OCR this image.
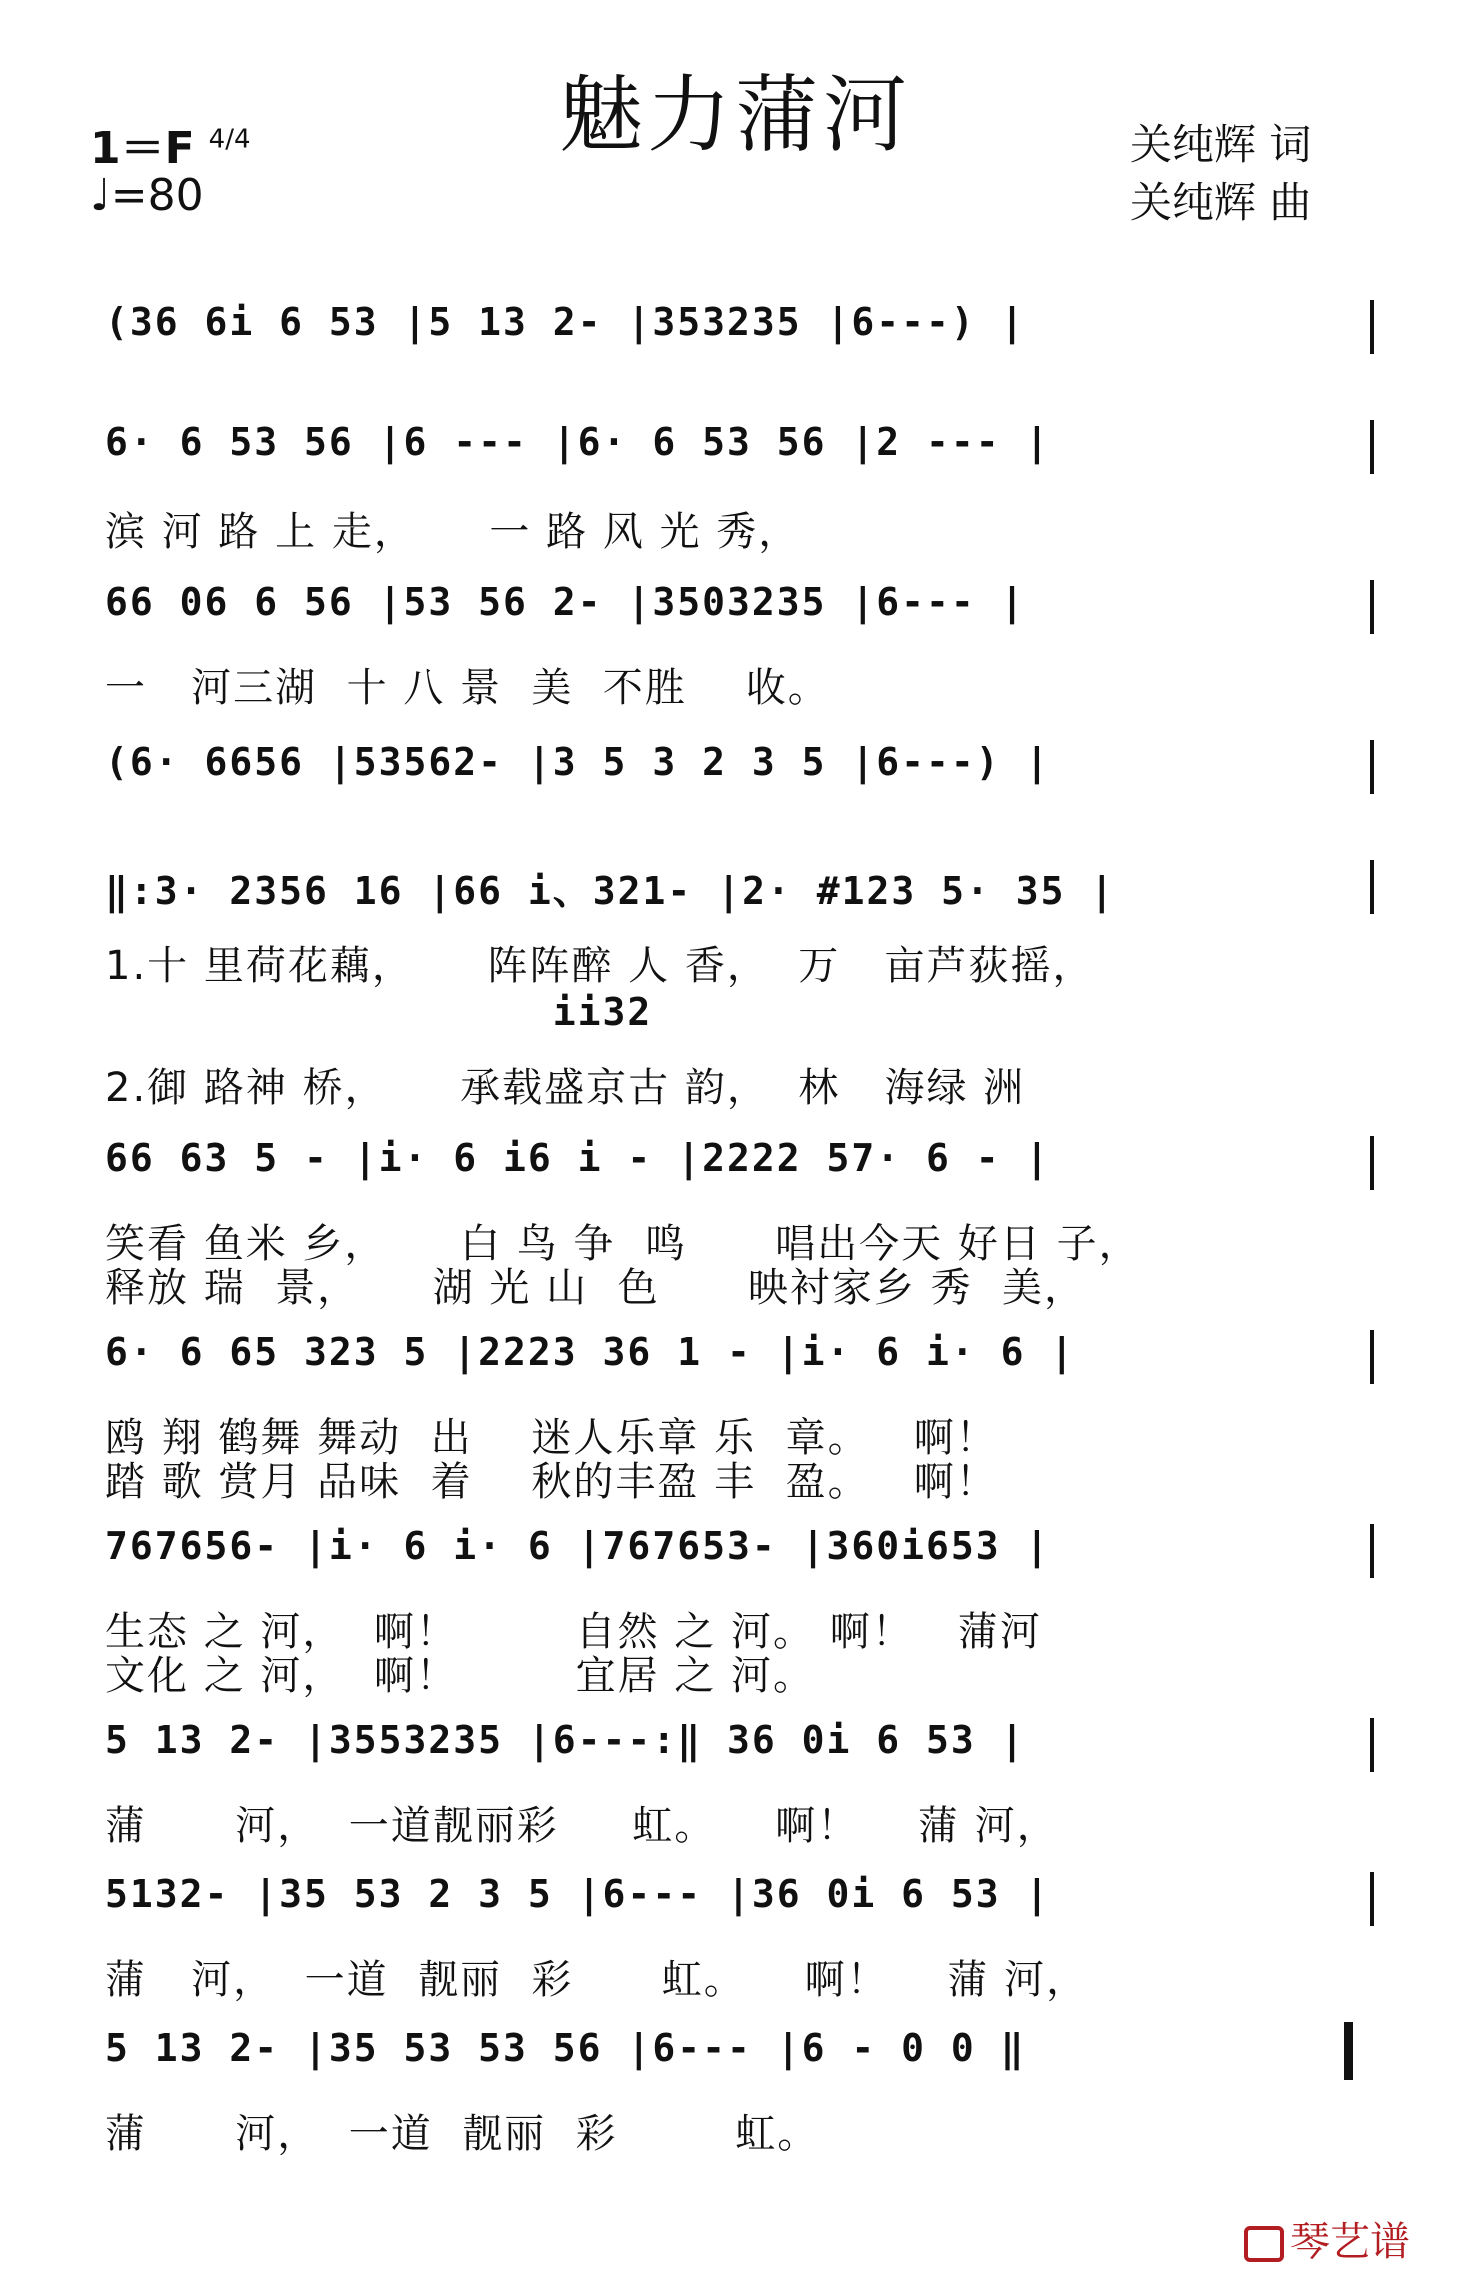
魅力蒲河
1＝F $^{4/4}$
♩=80
关纯辉 词
关纯辉 曲
(36 6i 6 53 |5 13 2- |353235 |6---) |
6· 6 53 56 |6 --- |6· 6 53 56 |2 --- |
滨 河 路 上 走，     一 路 风 光 秀，
66 06 6 56 |53 56 2- |3503235 |6--- |
一   河三湖  十 八 景  美  不胜    收。
(6· 6656 |53562- |3 5 3 2 3 5 |6---) |
‖:3· 2356 16 |66 i、321- |2· #123 5· 35 |
1.十 里荷花藕，     阵阵醉 人 香，  万   亩芦荻摇，
ii32
2.御 路神 桥，     承载盛京古 韵，  林   海绿 洲
66 63 5 - |i· 6 i6 i - |2222 57· 6 - |
笑看 鱼米 乡，     白 鸟 争  鸣      唱出今天 好日 子，
释放 瑞  景，     湖 光 山  色      映衬家乡 秀  美，
6· 6 65 323 5 |2223 36 1 - |i· 6 i· 6 |
鸥 翔 鹤舞 舞动  出    迷人乐章 乐  章。   啊！
踏 歌 赏月 品味  着    秋的丰盈 丰  盈。   啊！
767656- |i· 6 i· 6 |767653- |360i653 |
生态 之 河，  啊！        自然 之 河。 啊！   蒲河
文化 之 河，  啊！        宜居 之 河。
5 13 2- |3553235 |6---:‖ 36 0i 6 53 |
蒲      河，  一道靓丽彩     虹。    啊！    蒲 河，
5132- |35 53 2 3 5 |6--- |36 0i 6 53 |
蒲   河，  一道  靓丽  彩      虹。    啊！    蒲 河，
5 13 2- |35 53 53 56 |6--- |6 - 0 0 ‖
蒲      河，  一道  靓丽  彩        虹。
琴艺谱
